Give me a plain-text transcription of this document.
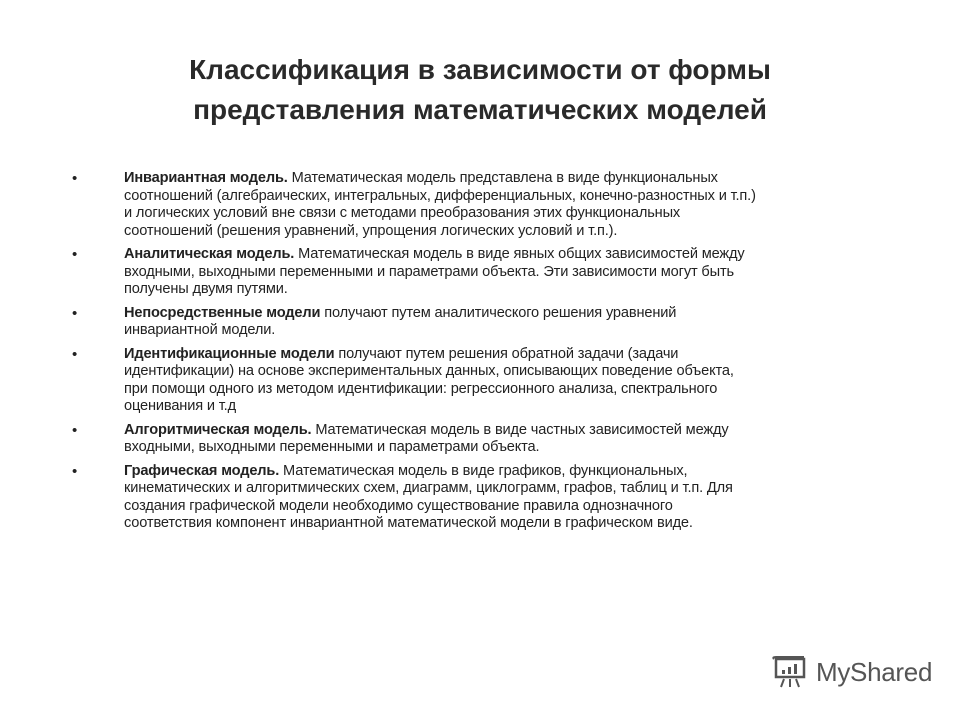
Классификация в зависимости от формы
представления математических моделей
•	Инвариантная модель. Математическая модель представлена в виде функциональных
соотношений (алгебраических, интегральных, дифференциальных, конечно-разностных и т.п.)
и логических условий вне связи с методами преобразования этих функциональных
соотношений (решения уравнений, упрощения логических условий и т.п.).
•	Аналитическая модель. Математическая модель в виде явных общих зависимостей между
входными, выходными переменными и параметрами объекта. Эти зависимости могут быть
получены двумя путями.
•	Непосредственные модели получают путем аналитического решения уравнений
инвариантной модели.
•	Идентификационные модели получают путем решения обратной задачи (задачи
идентификации) на основе экспериментальных данных, описывающих поведение объекта,
при помощи одного из методом идентификации: регрессионного анализа, спектрального
оценивания и т.д
•	Алгоритмическая модель. Математическая модель в виде частных зависимостей между
входными, выходными переменными и параметрами объекта.
•	Графическая модель. Математическая модель в виде графиков, функциональных,
кинематических и алгоритмических схем, диаграмм, циклограмм, графов, таблиц и т.п. Для
создания графической модели необходимо существование правила однозначного
соответствия компонент инвариантной математической модели в графическом виде.
MyShared
